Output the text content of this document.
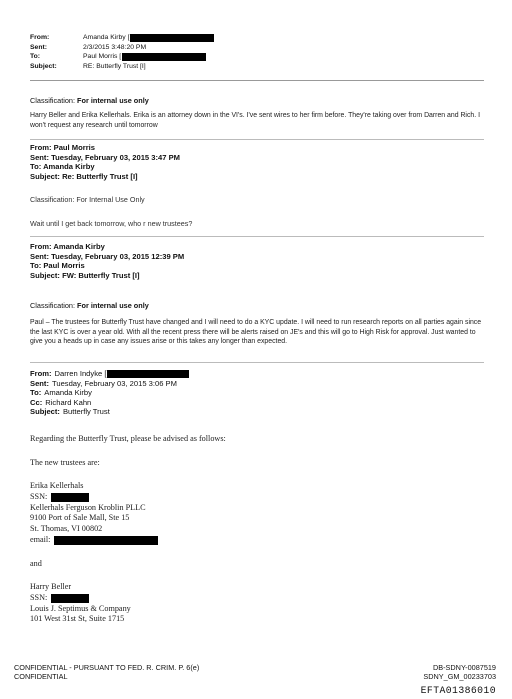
From:	Amanda Kirby [
Sent:	2/3/2015 3:48:20 PM
To:	Paul Morris [
Subject:	RE: Butterfly Trust [I]
Classification: For internal use only
Harry Beller and Erika Kellerhals. Erika is an attorney down in the VI's. I've sent wires to her firm before. They're taking over from Darren and Rich. I won't request any research until tomorrow
From: Paul Morris
Sent: Tuesday, February 03, 2015 3:47 PM
To: Amanda Kirby
Subject: Re: Butterfly Trust [I]
Classification: For Internal Use Only
Wait until I get back tomorrow, who r new trustees?
From: Amanda Kirby
Sent: Tuesday, February 03, 2015 12:39 PM
To: Paul Morris
Subject: FW: Butterfly Trust [I]
Classification: For internal use only
Paul – The trustees for Butterfly Trust have changed and I will need to do a KYC update. I will need to run research reports on all parties again since the last KYC is over a year old. With all the recent press there will be alerts raised on JE's and this will go to High Risk for approval. Just wanted to give you a heads up in case any issues arise or this takes any longer than expected.
From: Darren Indyke [
Sent: Tuesday, February 03, 2015 3:06 PM
To: Amanda Kirby
Cc: Richard Kahn
Subject: Butterfly Trust
Regarding the Butterfly Trust, please be advised as follows:
The new trustees are:
Erika Kellerhals
SSN:
Kellerhals Ferguson Kroblin PLLC
9100 Port of Sale Mall, Ste 15
St. Thomas, VI 00802
email:
and
Harry Beller
SSN:
Louis J. Septimus & Company
101 West 31st St, Suite 1715
CONFIDENTIAL - PURSUANT TO FED. R. CRIM. P. 6(e)
CONFIDENTIAL
DB-SDNY-0087519
SDNY_GM_00233703
EFTA01386010
